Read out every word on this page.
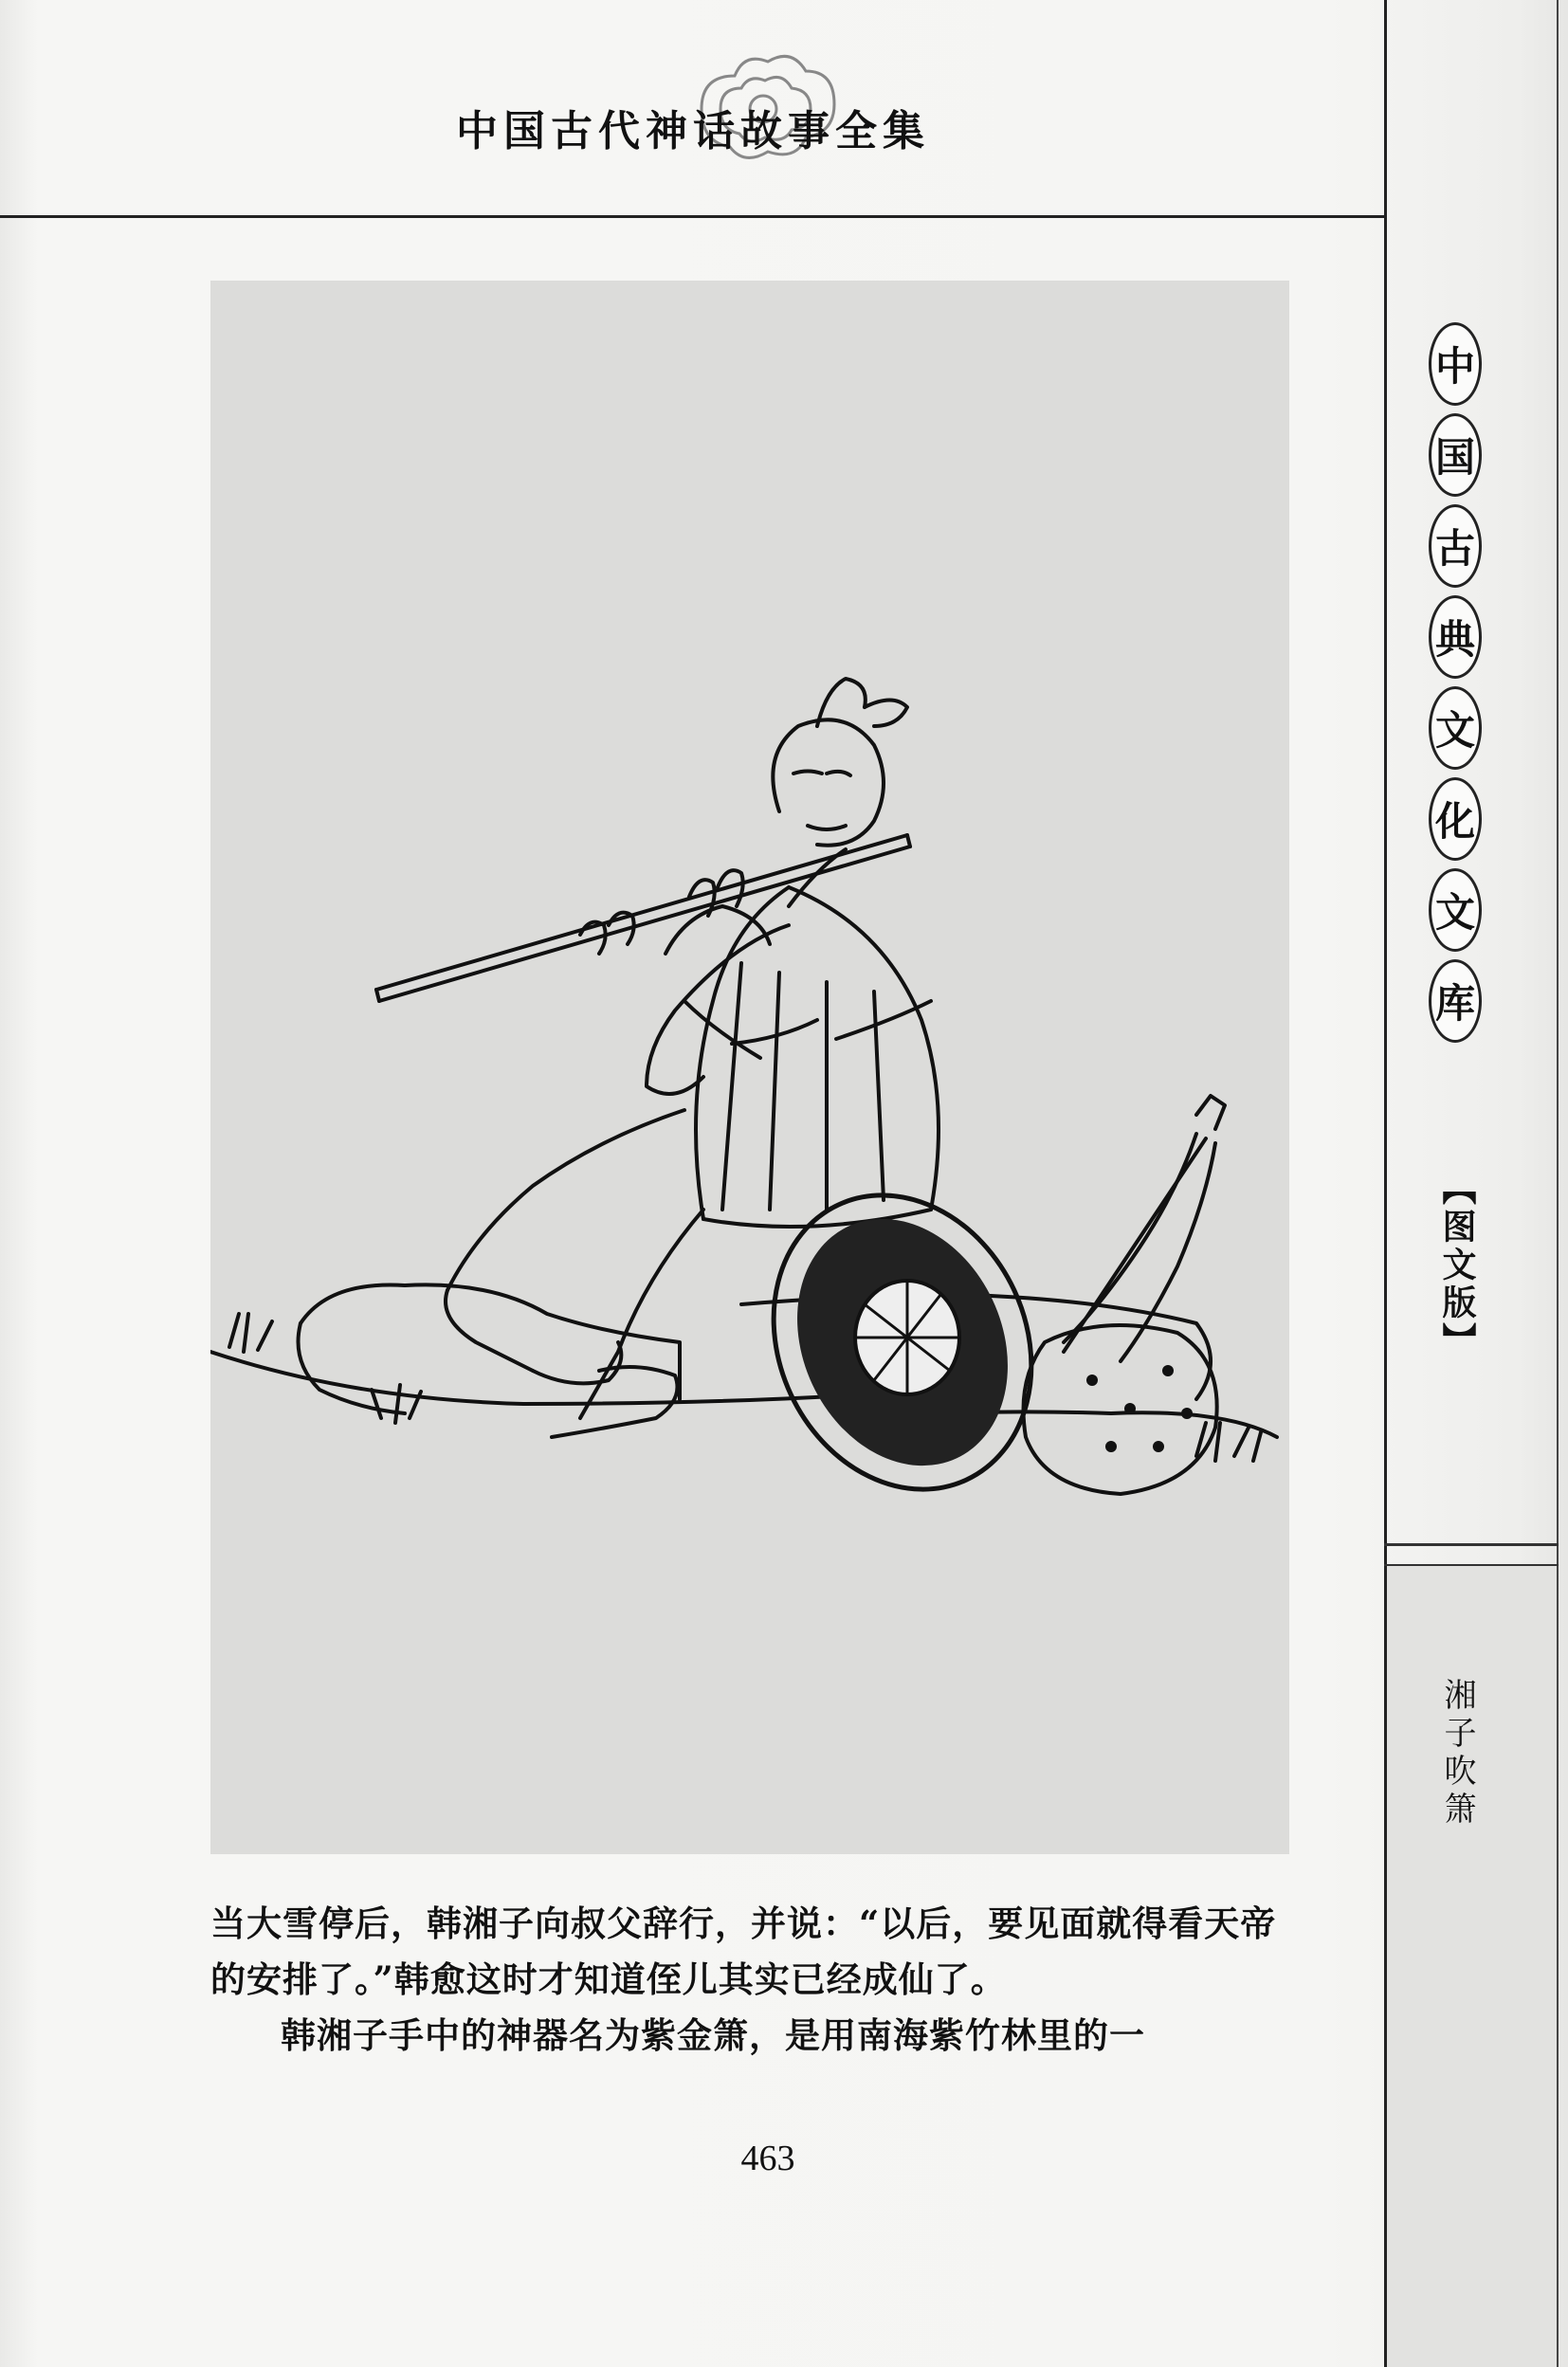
中国古代神话故事全集
中
国
古
典
文
化
文
库
【图文版】
湘子吹箫

当大雪停后，韩湘子向叔父辞行，并说：“以后，要见面就得看天帝的安排了。”韩愈这时才知道侄儿其实已经成仙了。

韩湘子手中的神器名为紫金箫，是用南海紫竹林里的一

463
